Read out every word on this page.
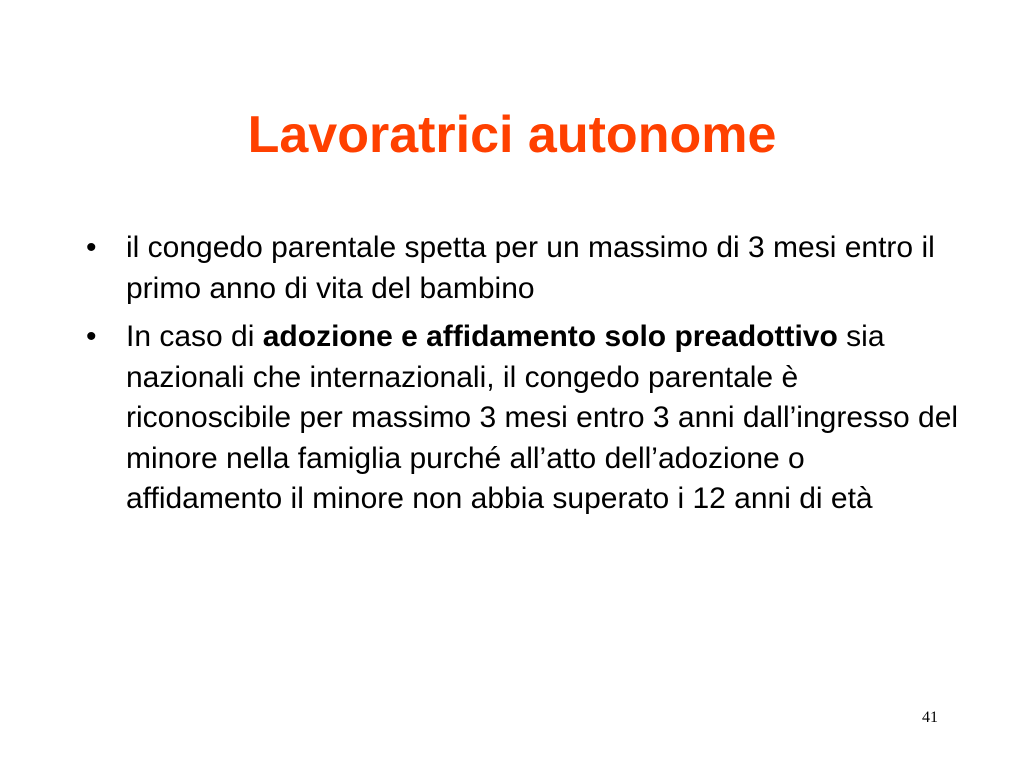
Lavoratrici autonome
• il congedo parentale spetta per un massimo di 3 mesi entro il primo anno di vita del bambino
• In caso di adozione e affidamento solo preadottivo sia nazionali che internazionali, il congedo parentale è riconoscibile per massimo 3 mesi entro 3 anni dall’ingresso del minore nella famiglia purché all’atto dell’adozione o affidamento il minore non abbia superato i 12 anni di età
41
